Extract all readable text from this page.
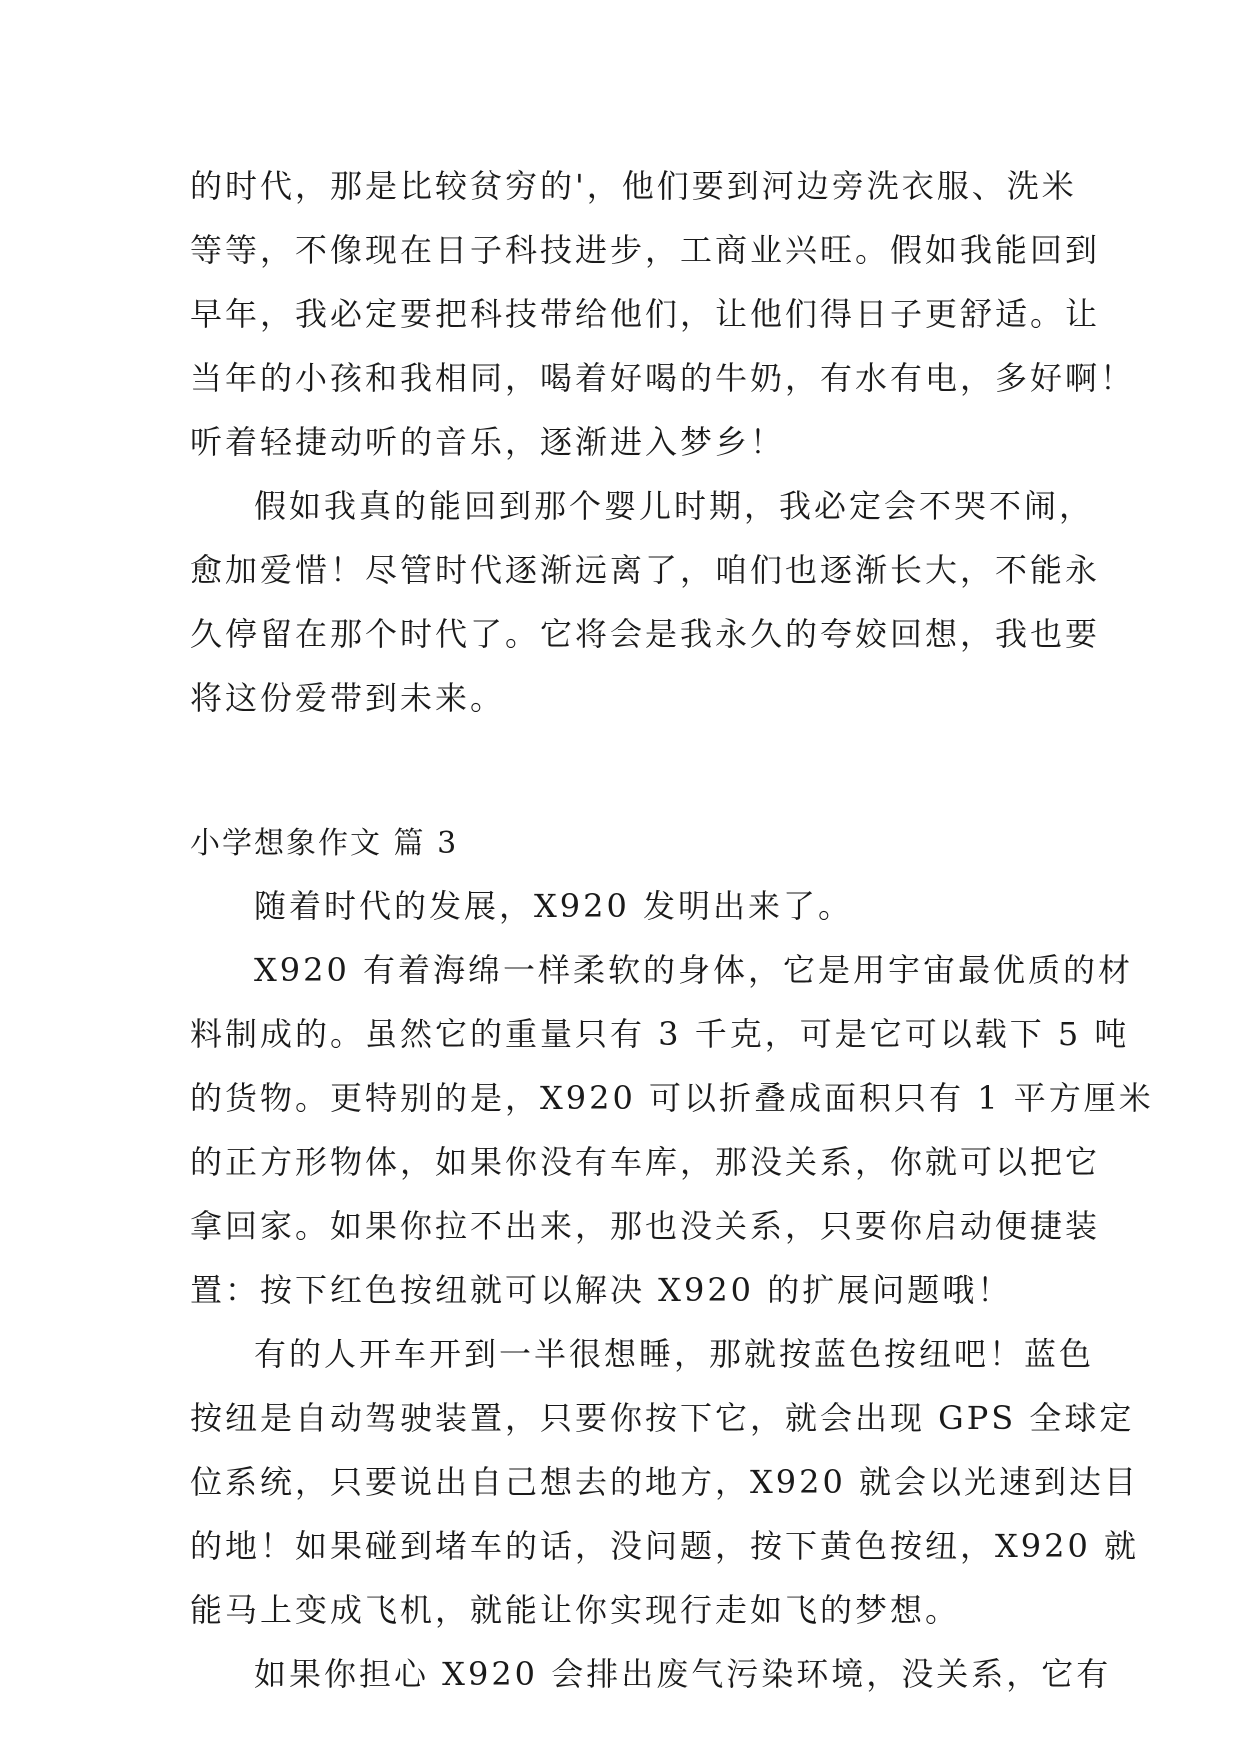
的时代，那是比较贫穷的'，他们要到河边旁洗衣服、洗米
等等，不像现在日子科技进步，工商业兴旺。假如我能回到
早年，我必定要把科技带给他们，让他们得日子更舒适。让
当年的小孩和我相同，喝着好喝的牛奶，有水有电，多好啊！
听着轻捷动听的音乐，逐渐进入梦乡！
假如我真的能回到那个婴儿时期，我必定会不哭不闹，
愈加爱惜！尽管时代逐渐远离了，咱们也逐渐长大，不能永
久停留在那个时代了。它将会是我永久的夸姣回想，我也要
将这份爱带到未来。
小学想象作文 篇 3
随着时代的发展，X920 发明出来了。
X920 有着海绵一样柔软的身体，它是用宇宙最优质的材
料制成的。虽然它的重量只有 3 千克，可是它可以载下 5 吨
的货物。更特别的是，X920 可以折叠成面积只有 1 平方厘米
的正方形物体，如果你没有车库，那没关系，你就可以把它
拿回家。如果你拉不出来，那也没关系，只要你启动便捷装
置：按下红色按纽就可以解决 X920 的扩展问题哦！
有的人开车开到一半很想睡，那就按蓝色按纽吧！蓝色
按纽是自动驾驶装置，只要你按下它，就会出现 GPS 全球定
位系统，只要说出自己想去的地方，X920 就会以光速到达目
的地！如果碰到堵车的话，没问题，按下黄色按纽，X920 就
能马上变成飞机，就能让你实现行走如飞的梦想。
如果你担心 X920 会排出废气污染环境，没关系，它有
